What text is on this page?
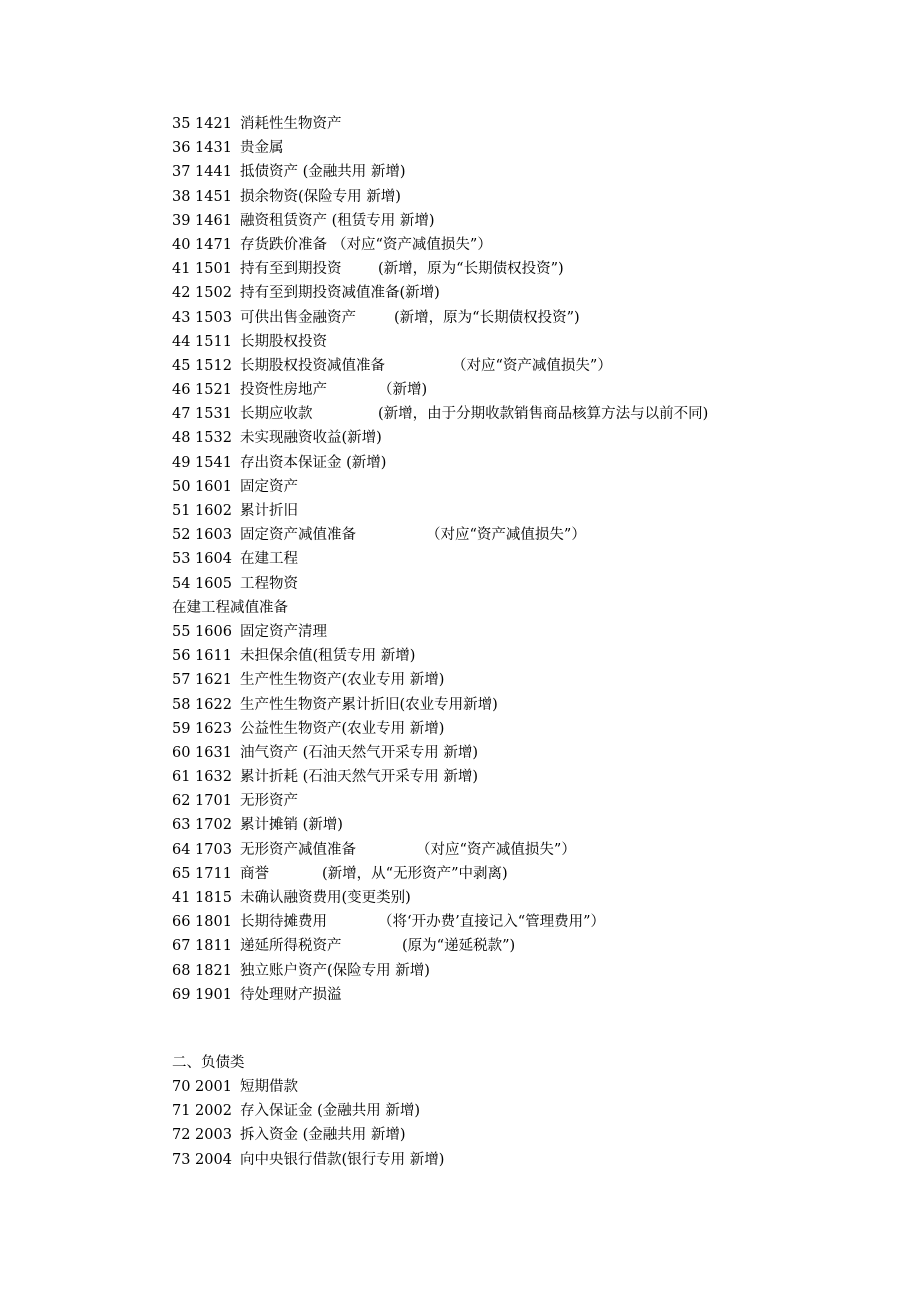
35 1421 消耗性生物资产
36 1431 贵金属
37 1441 抵债资产 (金融共用 新增)
38 1451 损余物资(保险专用 新增)
39 1461 融资租赁资产 (租赁专用 新增)
40 1471 存货跌价准备 （对应“资产减值损失”）
41 1501 持有至到期投资	(新增，原为“长期债权投资”)
42 1502 持有至到期投资减值准备(新增)
43 1503 可供出售金融资产	(新增，原为“长期债权投资”)
44 1511 长期股权投资
45 1512 长期股权投资减值准备	（对应“资产减值损失”）
46 1521 投资性房地产	（新增)
47 1531 长期应收款	(新增，由于分期收款销售商品核算方法与以前不同)
48 1532 未实现融资收益(新增)
49 1541 存出资本保证金 (新增)
50 1601 固定资产
51 1602 累计折旧
52 1603 固定资产减值准备	（对应“资产减值损失”）
53 1604 在建工程
54 1605 工程物资
在建工程减值准备
55 1606 固定资产清理
56 1611 未担保余值(租赁专用 新增)
57 1621 生产性生物资产(农业专用 新增)
58 1622 生产性生物资产累计折旧(农业专用新增)
59 1623 公益性生物资产(农业专用 新增)
60 1631 油气资产 (石油天然气开采专用 新增)
61 1632 累计折耗 (石油天然气开采专用 新增)
62 1701 无形资产
63 1702 累计摊销 (新增)
64 1703 无形资产减值准备	（对应“资产减值损失”）
65 1711 商誉	(新增，从“无形资产”中剥离)
41 1815 未确认融资费用(变更类别)
66 1801 长期待摊费用	（将‘开办费’直接记入“管理费用”）
67 1811 递延所得税资产	(原为“递延税款”)
68 1821 独立账户资产(保险专用 新增)
69 1901 待处理财产损溢
二、负债类
70 2001 短期借款
71 2002 存入保证金 (金融共用 新增)
72 2003 拆入资金 (金融共用 新增)
73 2004 向中央银行借款(银行专用 新增)
